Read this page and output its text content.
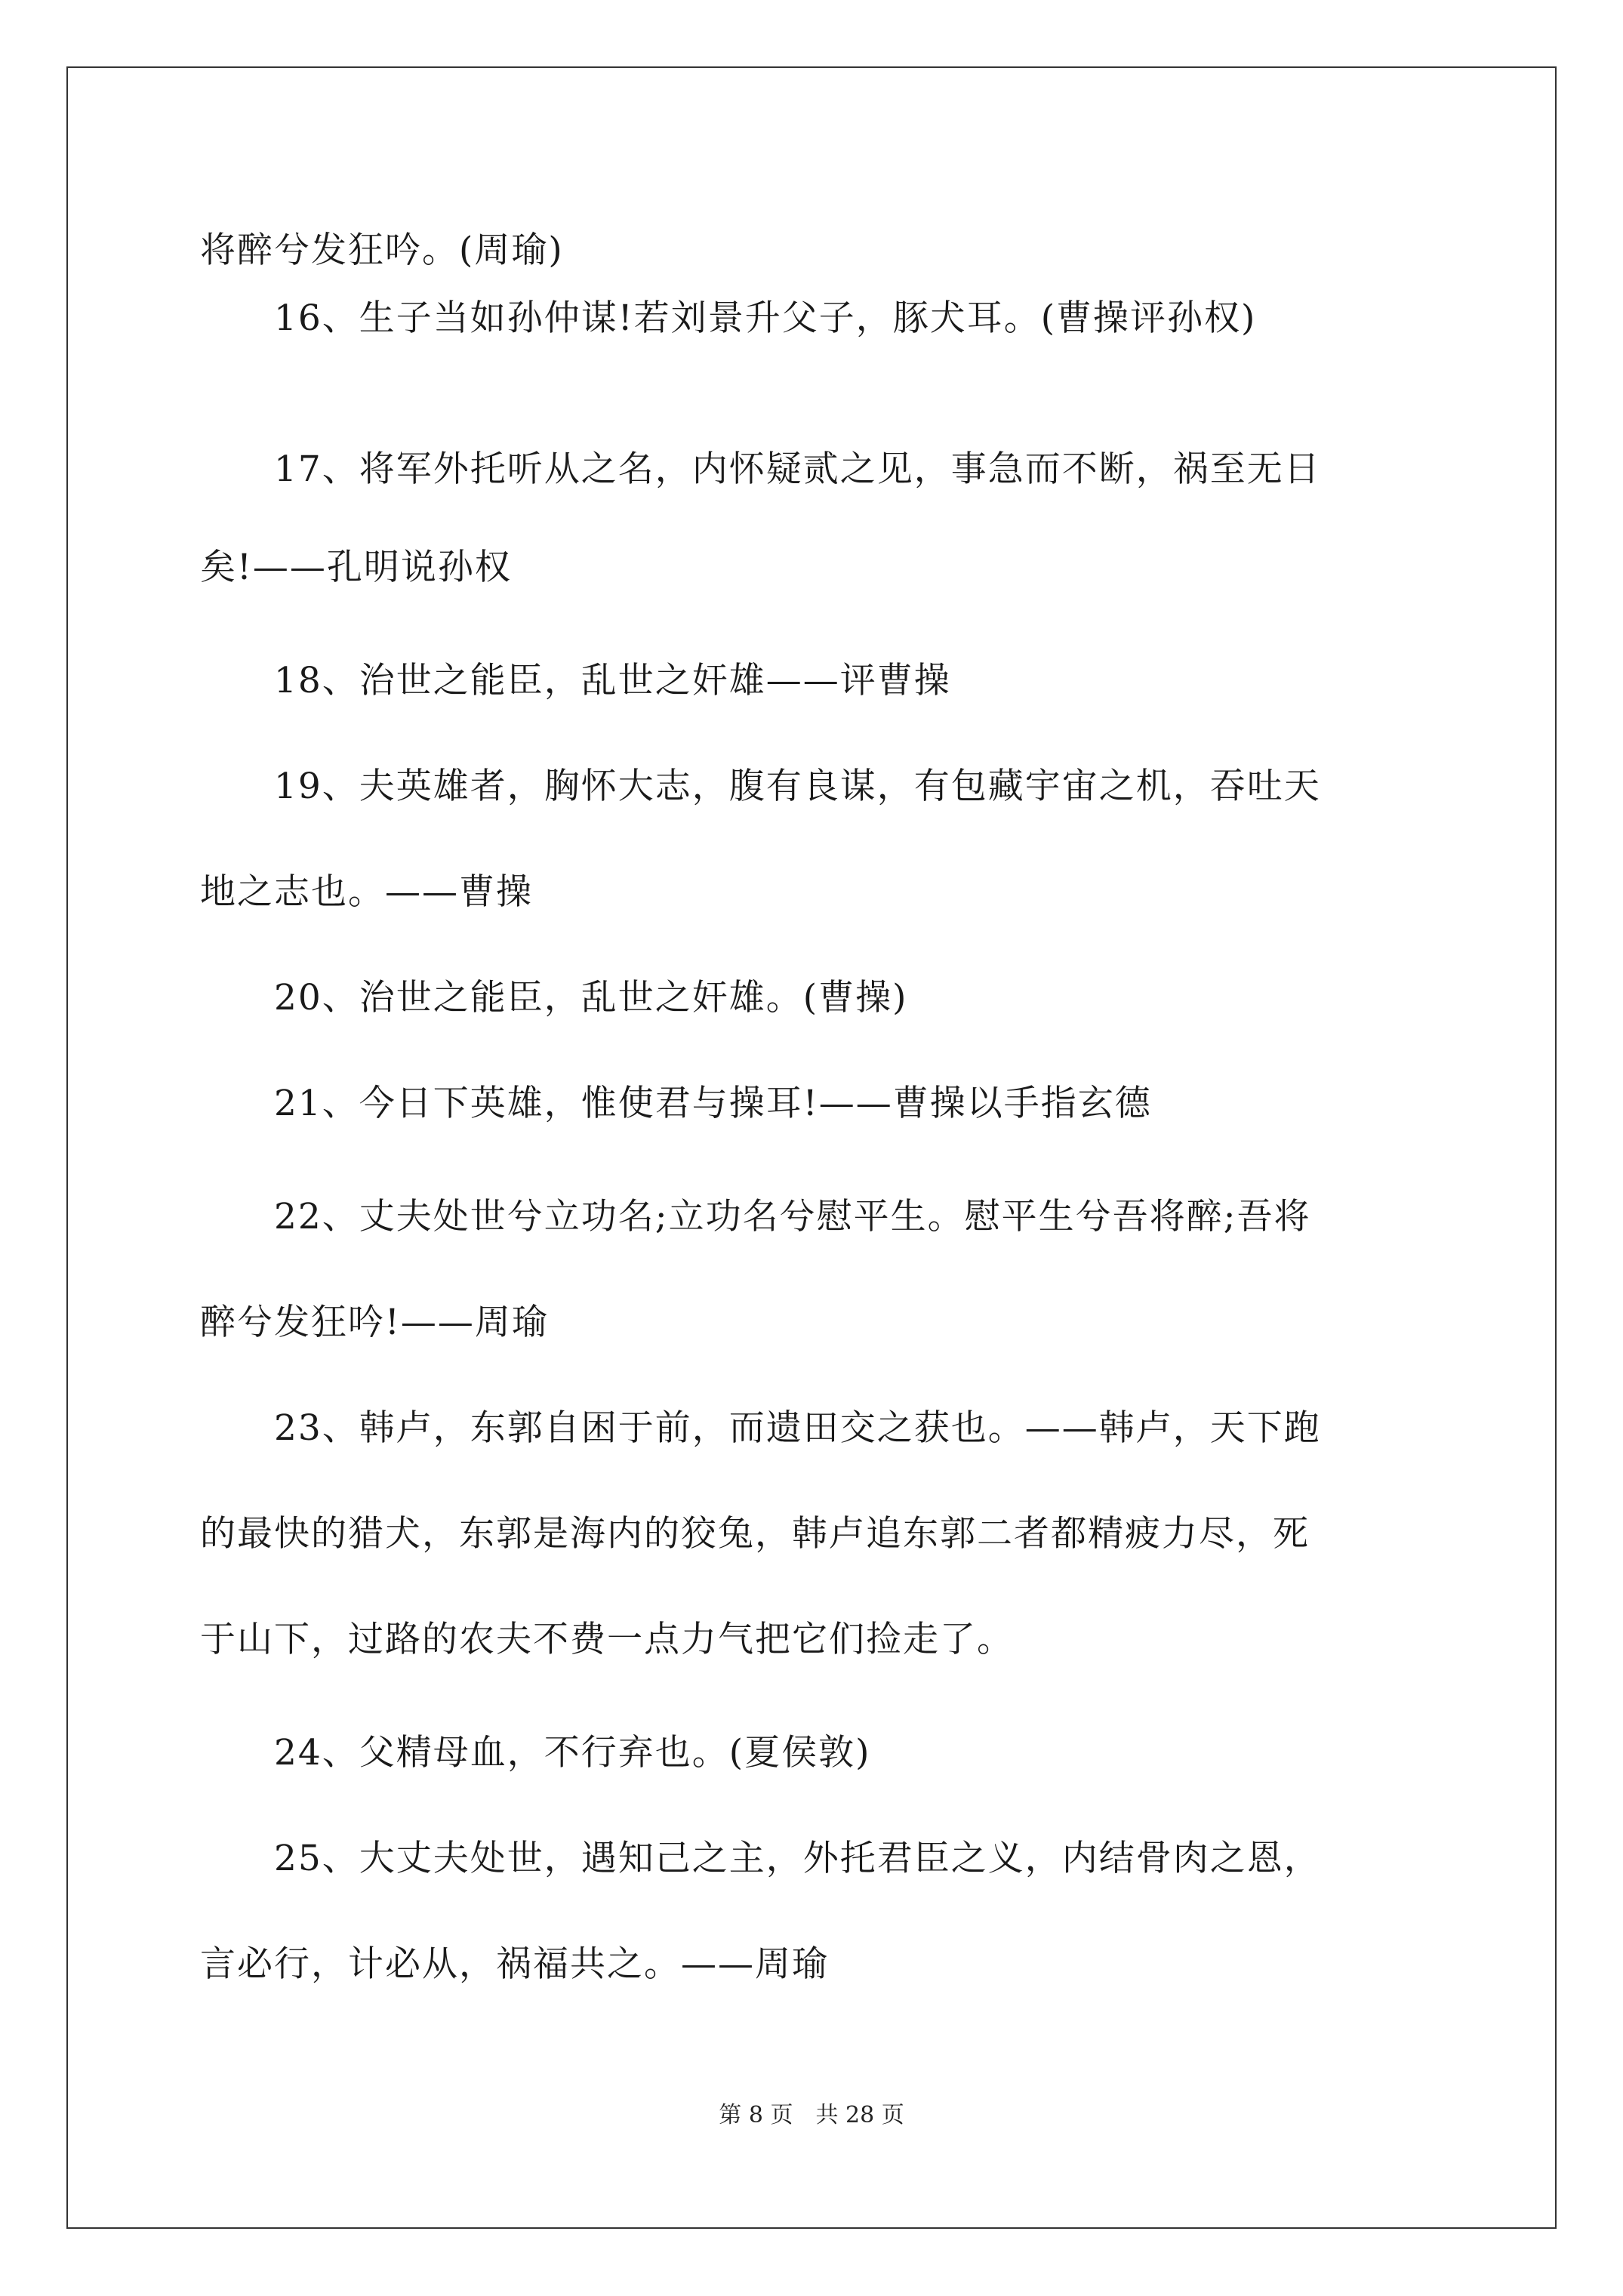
将醉兮发狂吟。(周瑜)
　　16、生子当如孙仲谋!若刘景升父子，豚犬耳。(曹操评孙权)
　　17、将军外托听从之名，内怀疑贰之见，事急而不断，祸至无日
矣!——孔明说孙权
　　18、治世之能臣，乱世之奸雄——评曹操
　　19、夫英雄者，胸怀大志，腹有良谋，有包藏宇宙之机，吞吐天
地之志也。——曹操
　　20、治世之能臣，乱世之奸雄。(曹操)
　　21、今日下英雄，惟使君与操耳!——曹操以手指玄德
　　22、丈夫处世兮立功名;立功名兮慰平生。慰平生兮吾将醉;吾将
醉兮发狂吟!——周瑜
　　23、韩卢，东郭自困于前，而遗田交之获也。——韩卢，天下跑
的最快的猎犬，东郭是海内的狡兔，韩卢追东郭二者都精疲力尽，死
于山下，过路的农夫不费一点力气把它们捡走了。
　　24、父精母血，不行弃也。(夏侯敦)
　　25、大丈夫处世，遇知己之主，外托君臣之义，内结骨肉之恩，
言必行，计必从，祸福共之。——周瑜
第 8 页　共 28 页
